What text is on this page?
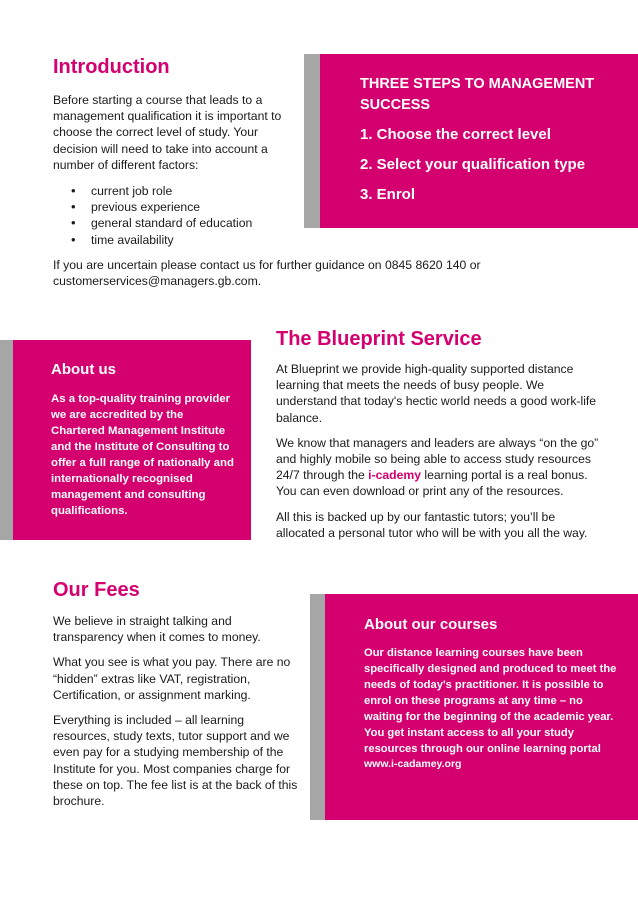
Introduction
Before starting a course that leads to a management qualification it is important to choose the correct level of study. Your decision will need to take into account a number of different factors:
• current job role
• previous experience
• general standard of education
• time availability
If you are uncertain please contact us for further guidance on 0845 8620 140 or customerservices@managers.gb.com.
THREE STEPS TO MANAGEMENT SUCCESS
1. Choose the correct level
2. Select your qualification type
3. Enrol
About us
As a top-quality training provider we are accredited by the Chartered Management Institute and the Institute of Consulting to offer a full range of nationally and internationally recognised management and consulting qualifications.
The Blueprint Service

At Blueprint we provide high-quality supported distance learning that meets the needs of busy people. We understand that today's hectic world needs a good work-life balance.

We know that managers and leaders are always “on the go” and highly mobile so being able to access study resources 24/7 through the i-cademy learning portal is a real bonus. You can even download or print any of the resources.

All this is backed up by our fantastic tutors; you’ll be allocated a personal tutor who will be with you all the way.

Our Fees

We believe in straight talking and transparency when it comes to money.

What you see is what you pay. There are no “hidden” extras like VAT, registration, Certification, or assignment marking.

Everything is included – all learning resources, study texts, tutor support and we even pay for a studying membership of the Institute for you. Most companies charge for these on top. The fee list is at the back of this brochure.

About our courses
Our distance learning courses have been specifically designed and produced to meet the needs of today's practitioner. It is possible to enrol on these programs at any time – no waiting for the beginning of the academic year. You get instant access to all your study resources through our online learning portal
www.i-cadamey.org
